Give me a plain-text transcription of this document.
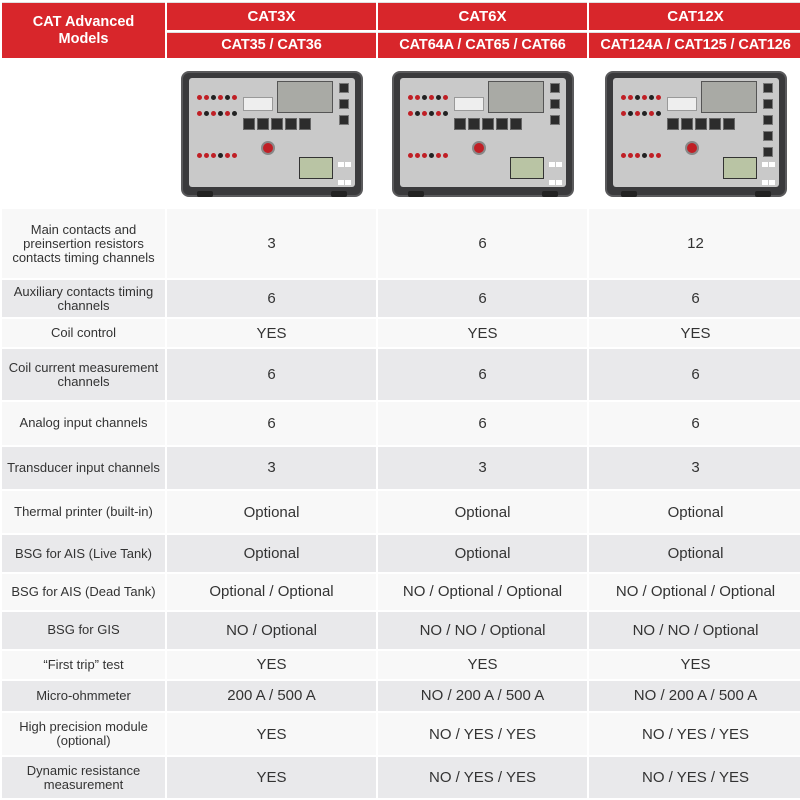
CAT Advanced Models	CAT3X	CAT6X	CAT12X
	CAT35 / CAT36	CAT64A / CAT65 / CAT66	CAT124A / CAT125 / CAT126

Main contacts and preinsertion resistors contacts timing channels	3	6	12
Auxiliary contacts timing channels	6	6	6
Coil control	YES	YES	YES
Coil current measurement channels	6	6	6
Analog input channels	6	6	6
Transducer input channels	3	3	3
Thermal printer (built-in)	Optional	Optional	Optional
BSG for AIS (Live Tank)	Optional	Optional	Optional
BSG for AIS (Dead Tank)	Optional / Optional	NO / Optional / Optional	NO / Optional / Optional
BSG for GIS	NO / Optional	NO / NO / Optional	NO / NO / Optional
“First trip” test	YES	YES	YES
Micro-ohmmeter	200 A / 500 A	NO / 200 A / 500 A	NO / 200 A / 500 A
High precision module (optional)	YES	NO / YES / YES	NO / YES / YES
Dynamic resistance measurement	YES	NO / YES / YES	NO / YES / YES
